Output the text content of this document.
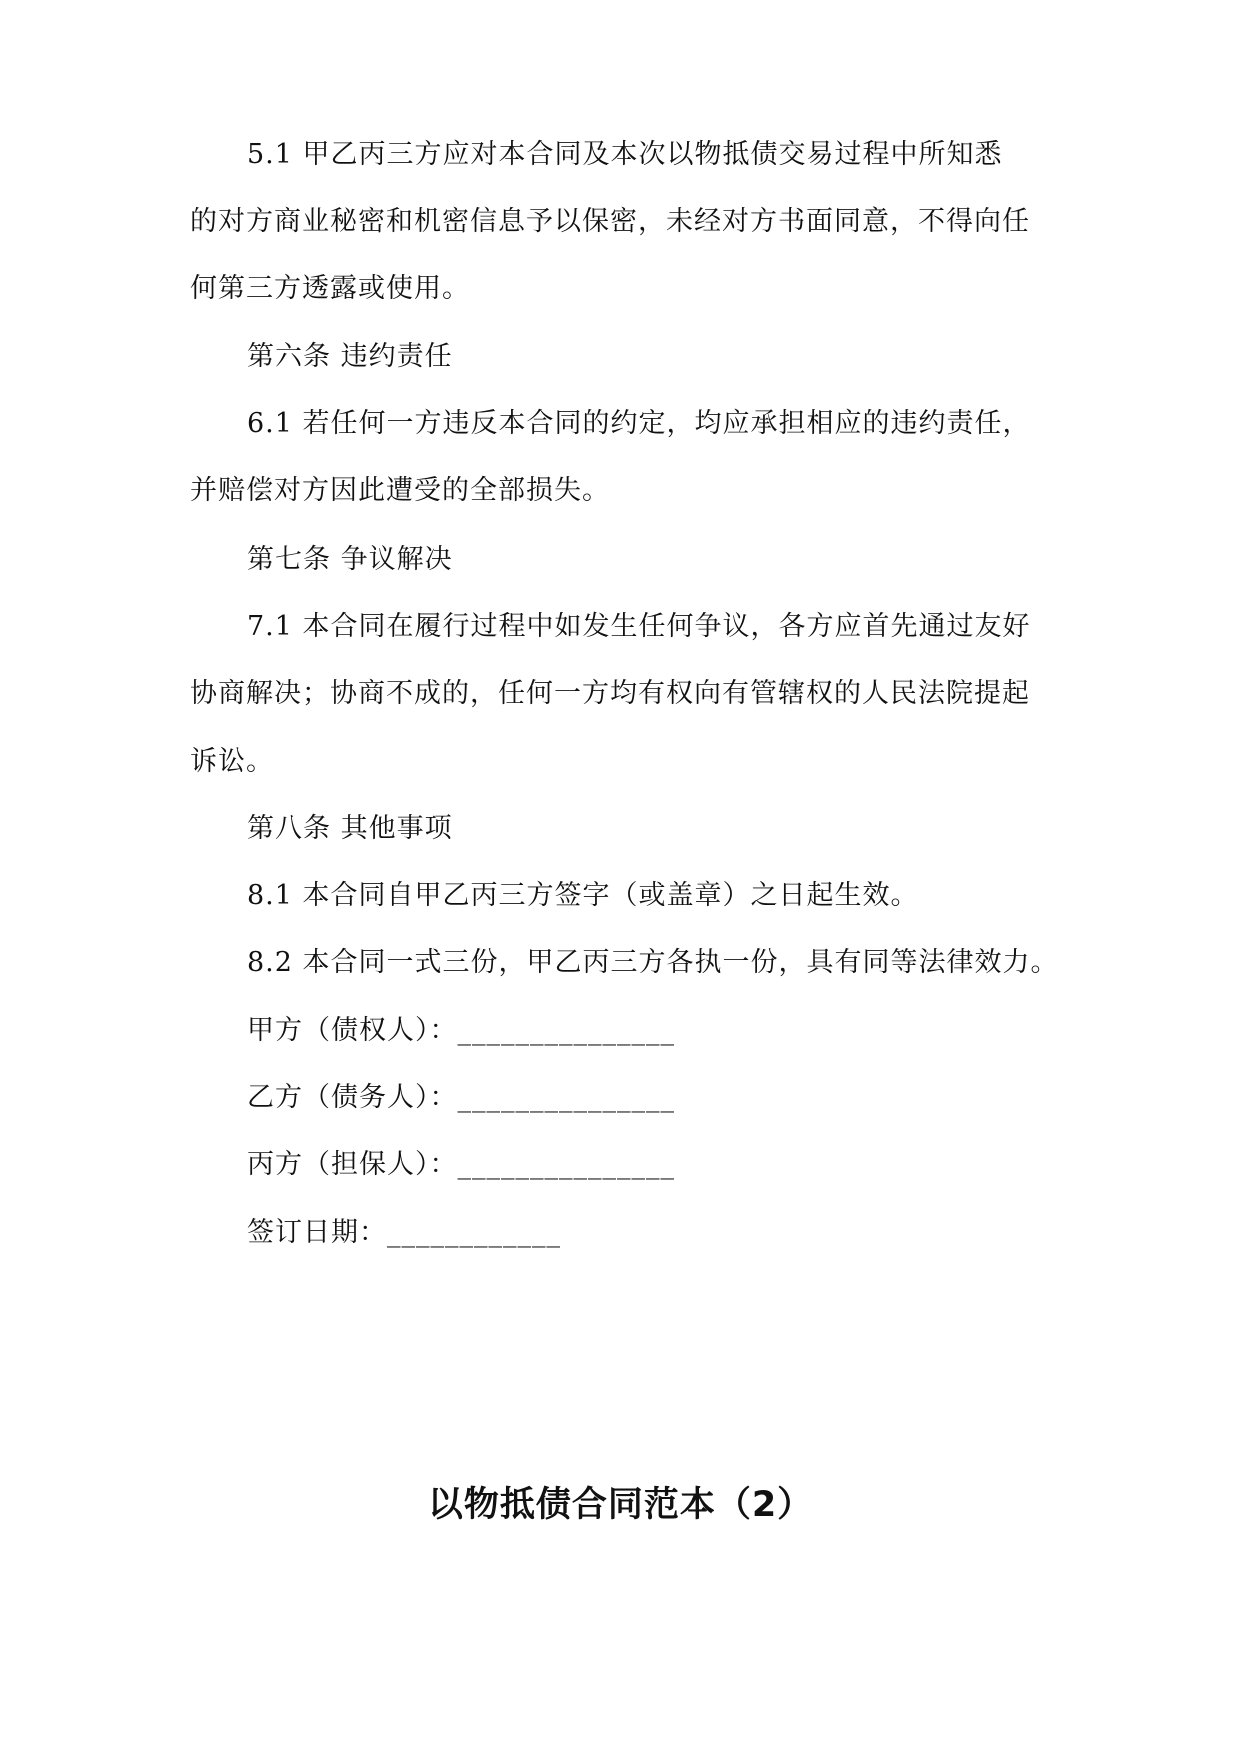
5.1 甲乙丙三方应对本合同及本次以物抵债交易过程中所知悉
的对方商业秘密和机密信息予以保密，未经对方书面同意，不得向任
何第三方透露或使用。
第六条 违约责任
6.1 若任何一方违反本合同的约定，均应承担相应的违约责任，
并赔偿对方因此遭受的全部损失。
第七条 争议解决
7.1 本合同在履行过程中如发生任何争议，各方应首先通过友好
协商解决；协商不成的，任何一方均有权向有管辖权的人民法院提起
诉讼。
第八条 其他事项
8.1 本合同自甲乙丙三方签字（或盖章）之日起生效。
8.2 本合同一式三份，甲乙丙三方各执一份，具有同等法律效力。
甲方（债权人）：_______________
乙方（债务人）：_______________
丙方（担保人）：_______________
签订日期：____________
以物抵债合同范本（2）
